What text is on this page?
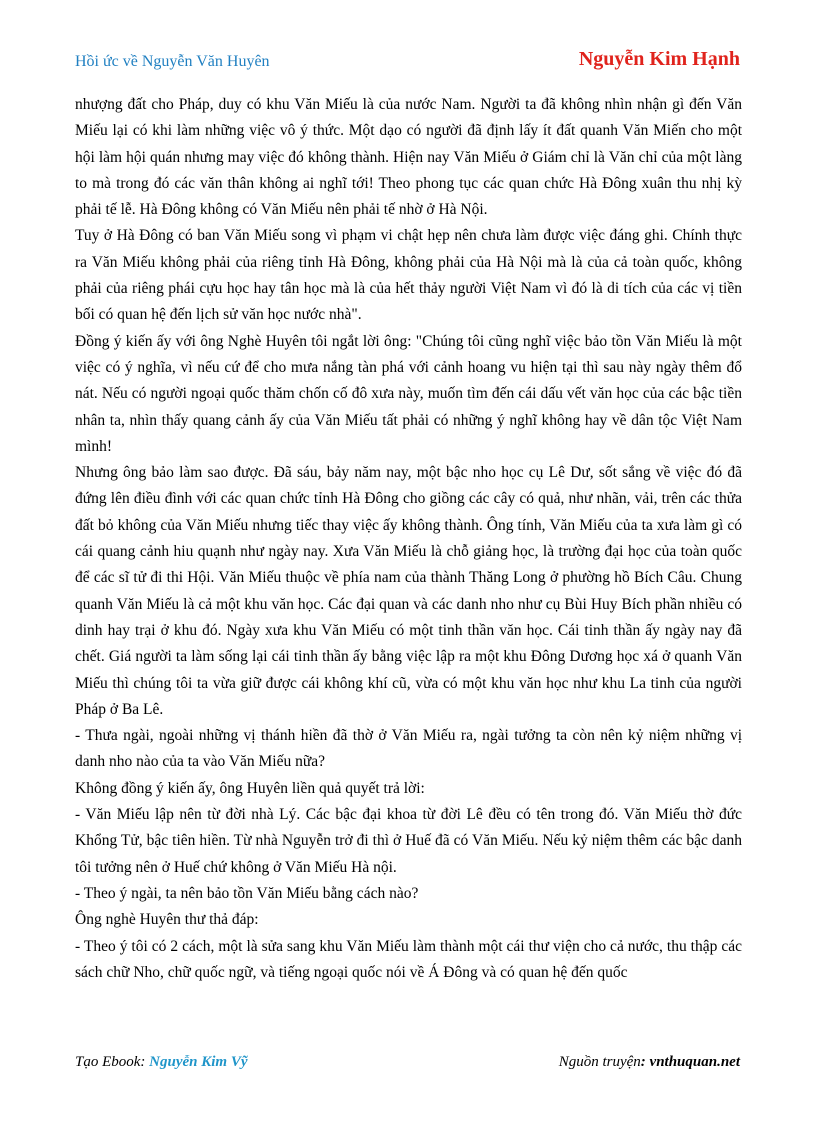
Hồi ức về Nguyễn Văn Huyên	Nguyễn Kim Hạnh

nhượng đất cho Pháp, duy có khu Văn Miếu là của nước Nam. Người ta đã không nhìn nhận gì đến Văn Miếu lại có khi làm những việc vô ý thức. Một dạo có người đã định lấy ít đất quanh Văn Miến cho một hội làm hội quán nhưng may việc đó không thành. Hiện nay Văn Miếu ở Giám chỉ là Văn chỉ của một làng to mà trong đó các văn thân không ai nghĩ tới! Theo phong tục các quan chức Hà Đông xuân thu nhị kỳ phải tế lễ. Hà Đông không có Văn Miếu nên phải tế nhờ ở Hà Nội.

Tuy ở Hà Đông có ban Văn Miếu song vì phạm vi chật hẹp nên chưa làm được việc đáng ghi. Chính thực ra Văn Miếu không phải của riêng tỉnh Hà Đông, không phải của Hà Nội mà là của cả toàn quốc, không phải của riêng phái cựu học hay tân học mà là của hết thảy người Việt Nam vì đó là di tích của các vị tiền bối có quan hệ đến lịch sử văn học nước nhà".

Đồng ý kiến ấy với ông Nghè Huyên tôi ngắt lời ông: "Chúng tôi cũng nghĩ việc bảo tồn Văn Miếu là một việc có ý nghĩa, vì nếu cứ để cho mưa nắng tàn phá với cảnh hoang vu hiện tại thì sau này ngày thêm đổ nát. Nếu có người ngoại quốc thăm chốn cố đô xưa này, muốn tìm đến cái dấu vết văn học của các bậc tiền nhân ta, nhìn thấy quang cảnh ấy của Văn Miếu tất phải có những ý nghĩ không hay về dân tộc Việt Nam mình!

Nhưng ông bảo làm sao được. Đã sáu, bảy năm nay, một bậc nho học cụ Lê Dư, sốt sắng về việc đó đã đứng lên điều đình với các quan chức tỉnh Hà Đông cho giồng các cây có quả, như nhãn, vải, trên các thửa đất bỏ không của Văn Miếu nhưng tiếc thay việc ấy không thành. Ông tính, Văn Miếu của ta xưa làm gì có cái quang cảnh hiu quạnh như ngày nay. Xưa Văn Miếu là chỗ giảng học, là trường đại học của toàn quốc để các sĩ tử đi thi Hội. Văn Miếu thuộc về phía nam của thành Thăng Long ở phường hồ Bích Câu. Chung quanh Văn Miếu là cả một khu văn học. Các đại quan và các danh nho như cụ Bùi Huy Bích phần nhiều có dinh hay trại ở khu đó. Ngày xưa khu Văn Miếu có một tinh thần văn học. Cái tinh thần ấy ngày nay đã chết. Giá người ta làm sống lại cái tinh thần ấy bằng việc lập ra một khu Đông Dương học xá ở quanh Văn Miếu thì chúng tôi ta vừa giữ được cái không khí cũ, vừa có một khu văn học như khu La tinh của người Pháp ở Ba Lê.

- Thưa ngài, ngoài những vị thánh hiền đã thờ ở Văn Miếu ra, ngài tưởng ta còn nên kỷ niệm những vị danh nho nào của ta vào Văn Miếu nữa?

Không đồng ý kiến ấy, ông Huyên liền quả quyết trả lời:

- Văn Miếu lập nên từ đời nhà Lý. Các bậc đại khoa từ đời Lê đều có tên trong đó. Văn Miếu thờ đức Khổng Tử, bậc tiên hiền. Từ nhà Nguyễn trở đi thì ở Huế đã có Văn Miếu. Nếu kỷ niệm thêm các bậc danh tôi tưởng nên ở Huế chứ không ở Văn Miếu Hà nội.

- Theo ý ngài, ta nên bảo tồn Văn Miếu bằng cách nào?

Ông nghè Huyên thư thả đáp:

- Theo ý tôi có 2 cách, một là sửa sang khu Văn Miếu làm thành một cái thư viện cho cả nước, thu thập các sách chữ Nho, chữ quốc ngữ, và tiếng ngoại quốc nói về Á Đông và có quan hệ đến quốc

Tạo Ebook: Nguyễn Kim Vỹ	Nguồn truyện: vnthuquan.net
